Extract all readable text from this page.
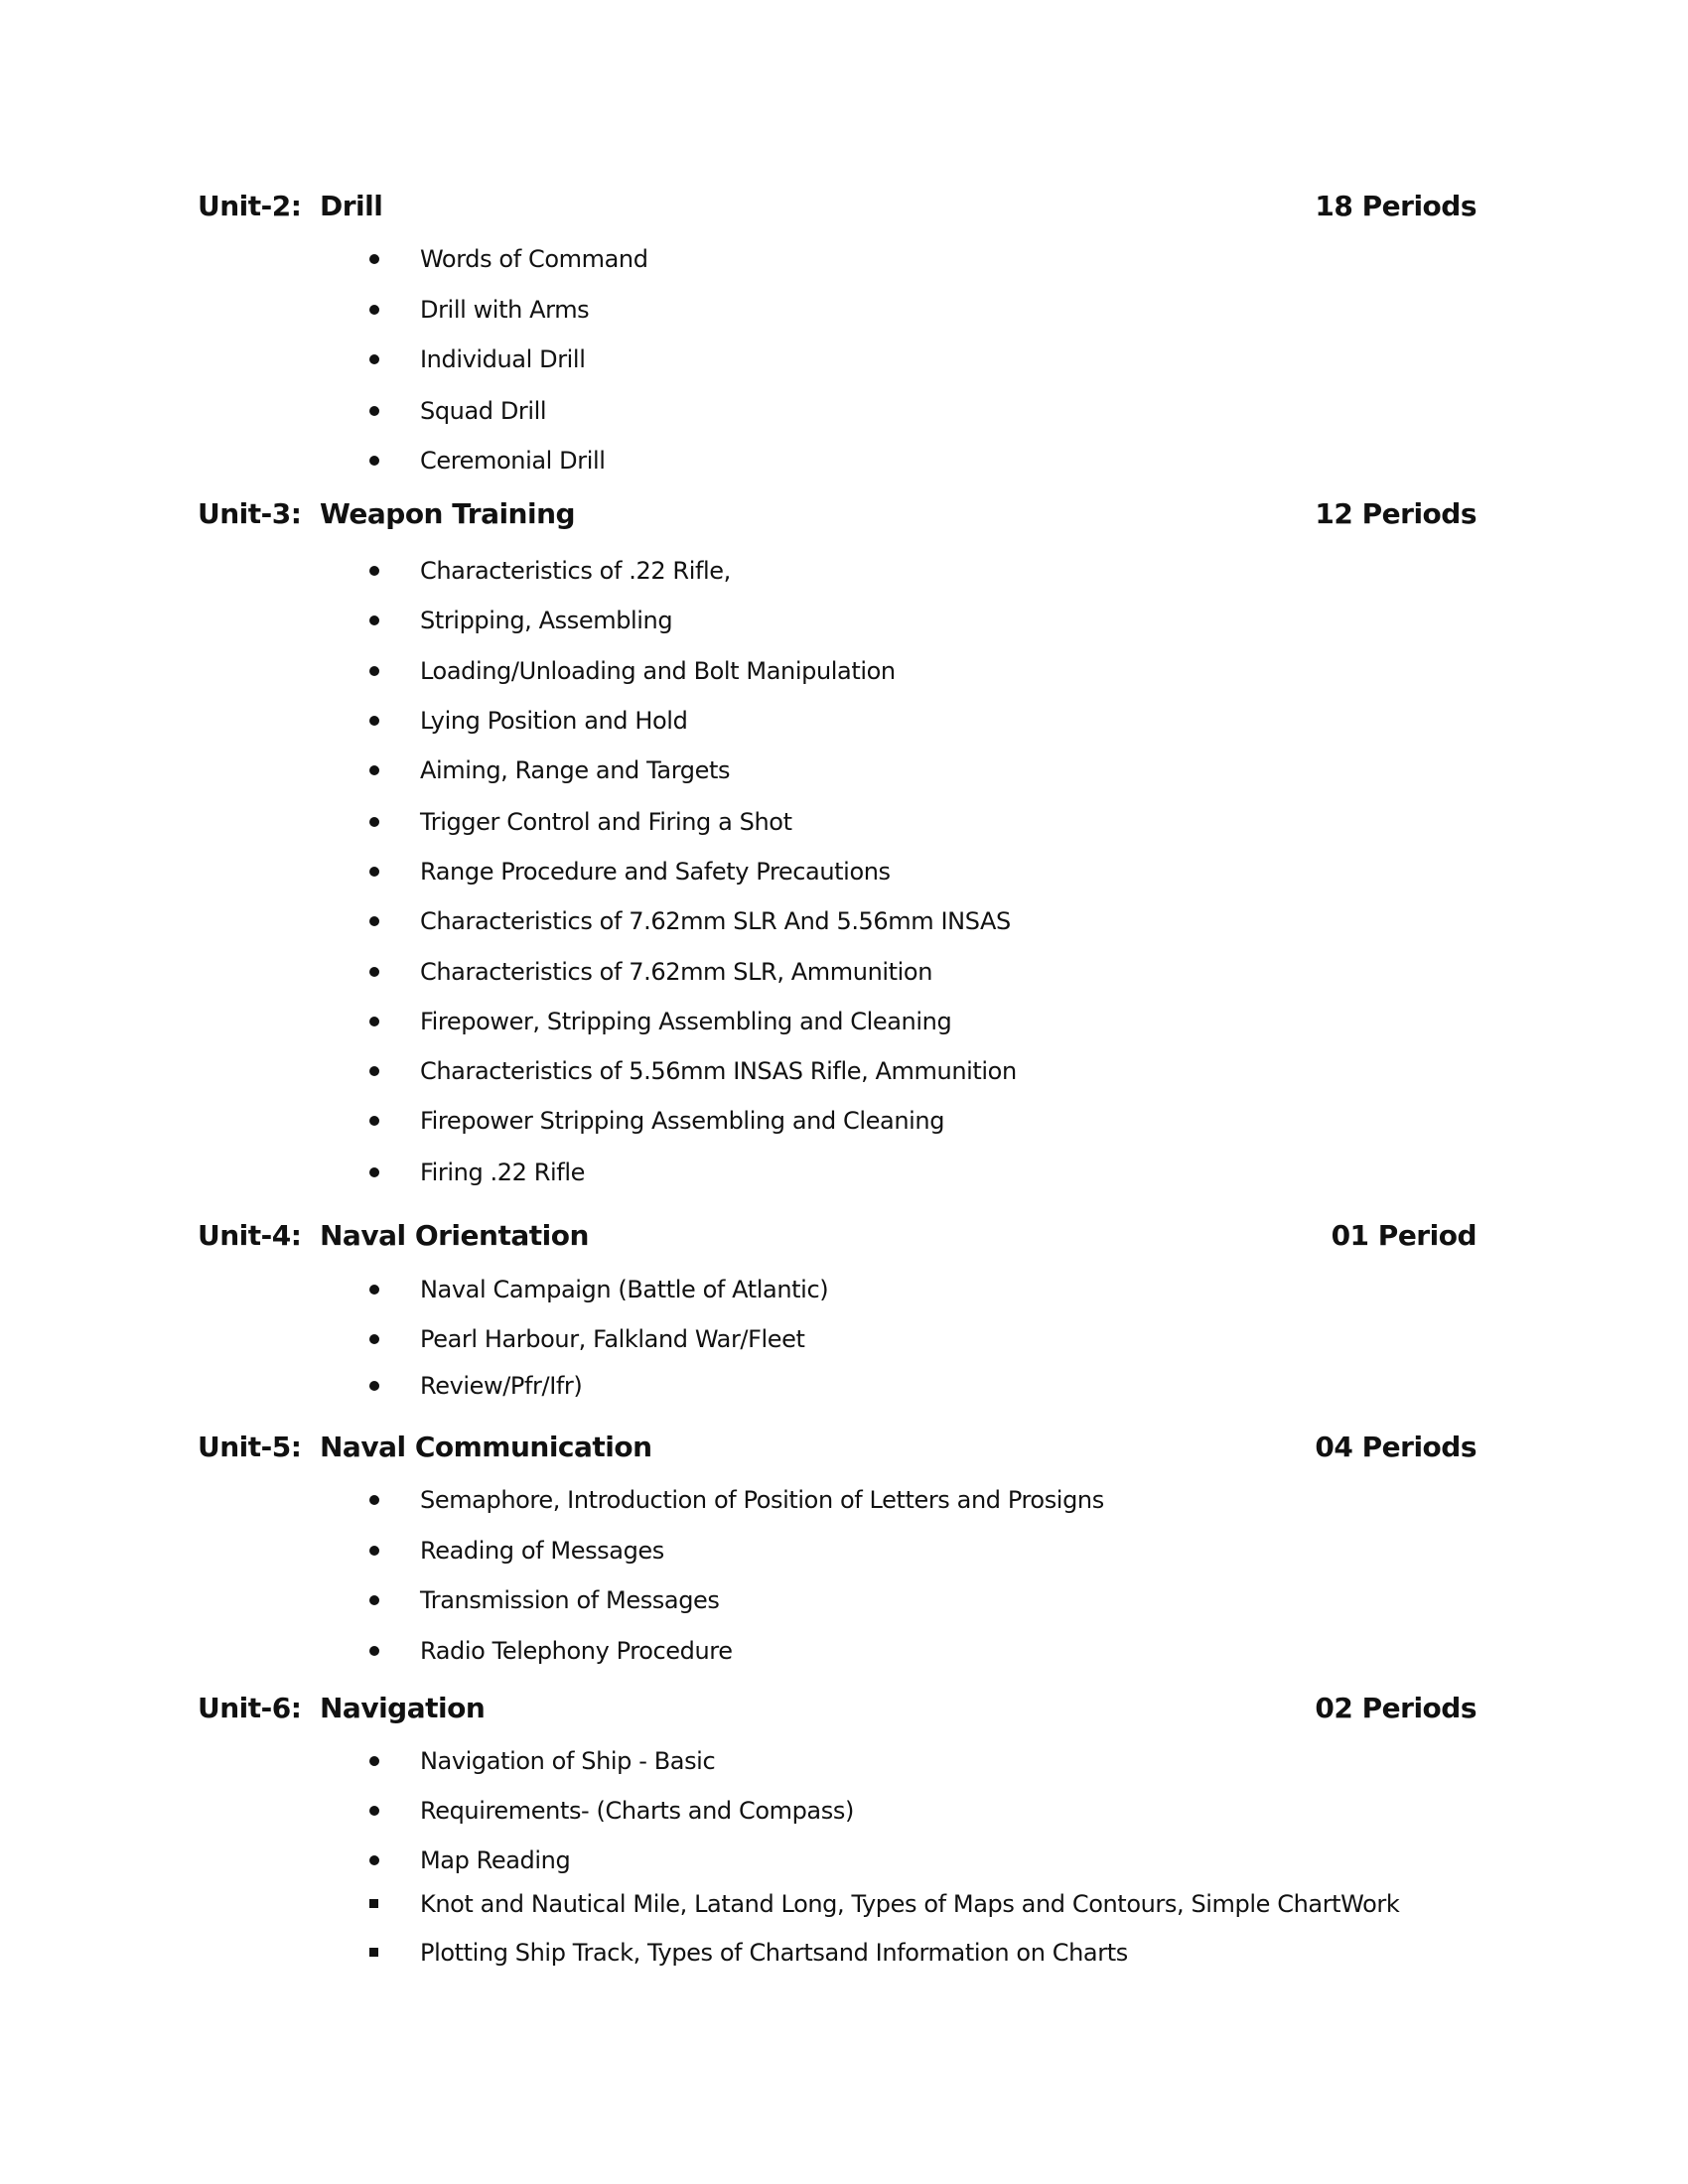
Unit-2: Drill	18 Periods
Words of Command
Drill with Arms
Individual Drill
Squad Drill
Ceremonial Drill
Unit-3: Weapon Training	12 Periods
Characteristics of .22 Rifle,
Stripping, Assembling
Loading/Unloading and Bolt Manipulation
Lying Position and Hold
Aiming, Range and Targets
Trigger Control and Firing a Shot
Range Procedure and Safety Precautions
Characteristics of 7.62mm SLR And 5.56mm INSAS
Characteristics of 7.62mm SLR, Ammunition
Firepower, Stripping Assembling and Cleaning
Characteristics of 5.56mm INSAS Rifle, Ammunition
Firepower Stripping Assembling and Cleaning
Firing .22 Rifle
Unit-4: Naval Orientation	01 Period
Naval Campaign (Battle of Atlantic)
Pearl Harbour, Falkland War/Fleet
Review/Pfr/Ifr)
Unit-5: Naval Communication	04 Periods
Semaphore, Introduction of Position of Letters and Prosigns
Reading of Messages
Transmission of Messages
Radio Telephony Procedure
Unit-6: Navigation	02 Periods
Navigation of Ship - Basic
Requirements- (Charts and Compass)
Map Reading
Knot and Nautical Mile, Latand Long, Types of Maps and Contours, Simple ChartWork
Plotting Ship Track, Types of Chartsand Information on Charts
